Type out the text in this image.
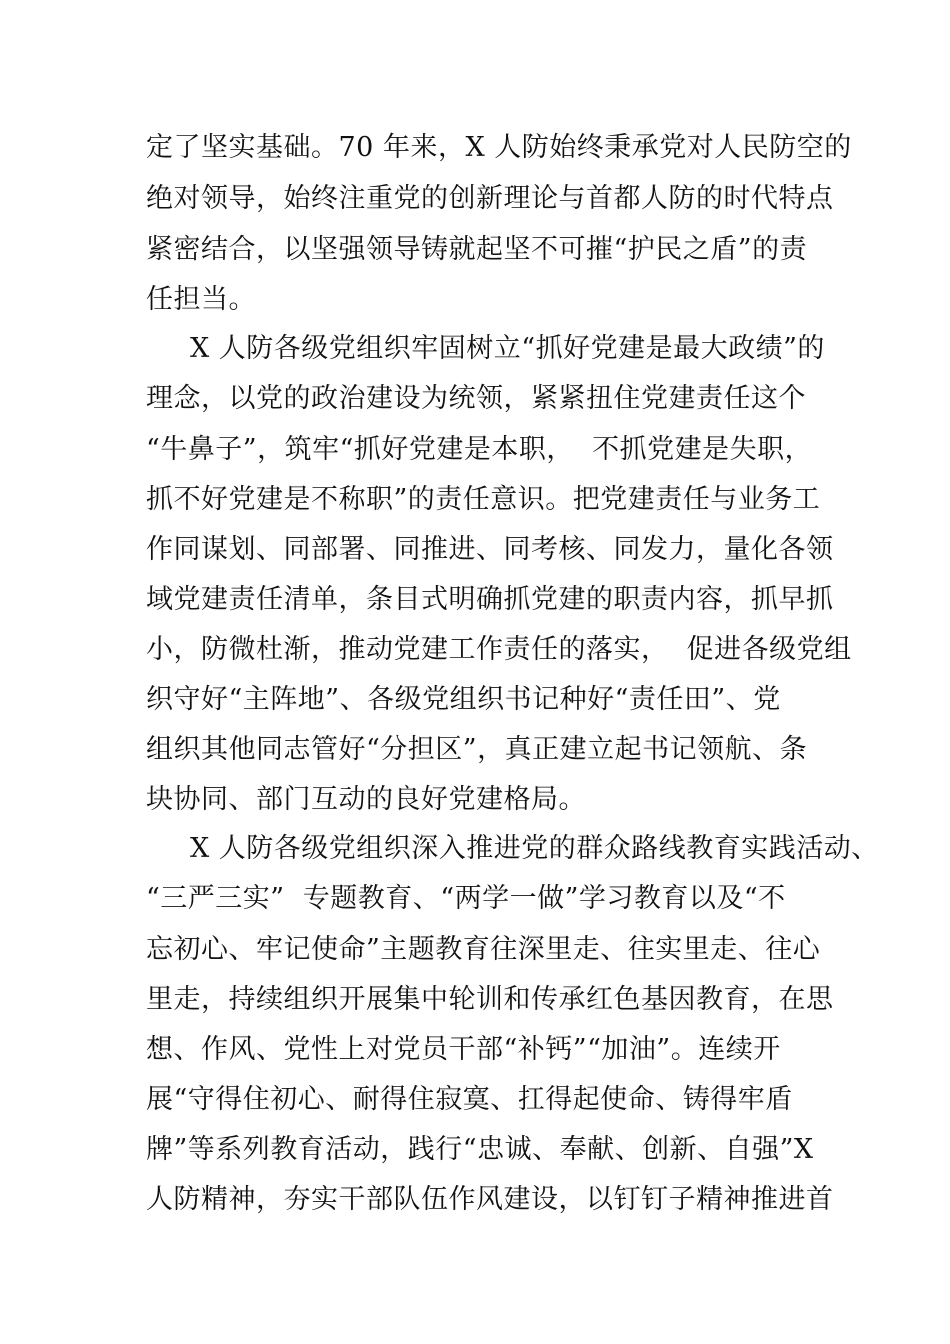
定了坚实基础。70 年来，X 人防始终秉承党对人民防空的
绝对领导，始终注重党的创新理论与首都人防的时代特点
紧密结合，以坚强领导铸就起坚不可摧“护民之盾”的责
任担当。
X 人防各级党组织牢固树立“抓好党建是最大政绩”的
理念，以党的政治建设为统领，紧紧扭住党建责任这个
“牛鼻子”，筑牢“抓好党建是本职，  不抓党建是失职，
抓不好党建是不称职”的责任意识。把党建责任与业务工
作同谋划、同部署、同推进、同考核、同发力，量化各领
域党建责任清单，条目式明确抓党建的职责内容，抓早抓
小，防微杜渐，推动党建工作责任的落实，  促进各级党组
织守好“主阵地”、各级党组织书记种好“责任田”、党
组织其他同志管好“分担区”，真正建立起书记领航、条
块协同、部门互动的良好党建格局。
X 人防各级党组织深入推进党的群众路线教育实践活动、
“三严三实”  专题教育、“两学一做”学习教育以及“不
忘初心、牢记使命”主题教育往深里走、往实里走、往心
里走，持续组织开展集中轮训和传承红色基因教育，在思
想、作风、党性上对党员干部“补钙”“加油”。连续开
展“守得住初心、耐得住寂寞、扛得起使命、铸得牢盾
牌”等系列教育活动，践行“忠诚、奉献、创新、自强”X
人防精神，夯实干部队伍作风建设，以钉钉子精神推进首
